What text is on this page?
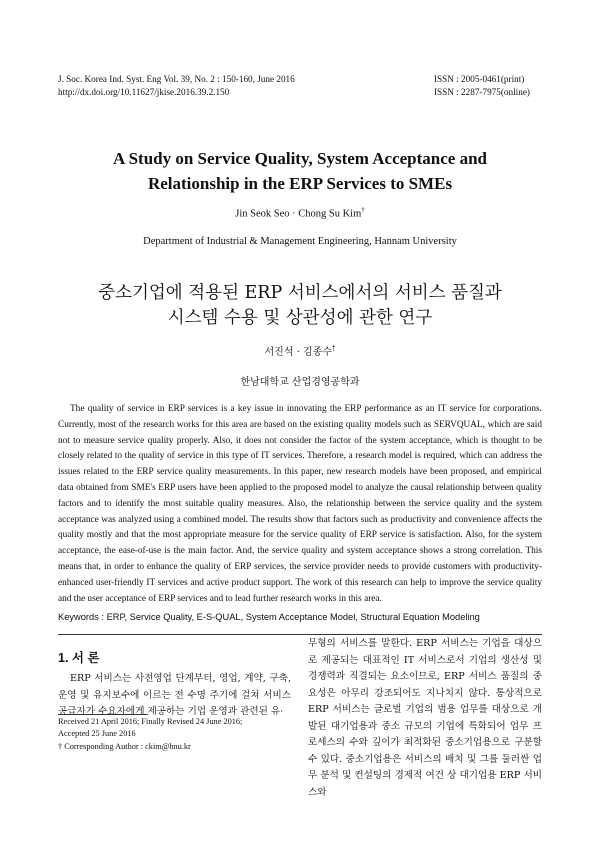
J. Soc. Korea Ind. Syst. Eng Vol. 39, No. 2 : 150-160, June 2016
http://dx.doi.org/10.11627/jkise.2016.39.2.150
ISSN : 2005-0461(print)
ISSN : 2287-7975(online)
A Study on Service Quality, System Acceptance and
Relationship in the ERP Services to SMEs
Jin Seok Seo · Chong Su Kim†
Department of Industrial & Management Engineering, Hannam University
중소기업에 적용된 ERP 서비스에서의 서비스 품질과
시스템 수용 및 상관성에 관한 연구
서진석 · 김종수†
한남대학교 산업경영공학과
The quality of service in ERP services is a key issue in innovating the ERP performance as an IT service for corporations. Currently, most of the research works for this area are based on the existing quality models such as SERVQUAL, which are said not to measure service quality properly. Also, it does not consider the factor of the system acceptance, which is thought to be closely related to the quality of service in this type of IT services. Therefore, a research model is required, which can address the issues related to the ERP service quality measurements. In this paper, new research models have been proposed, and empirical data obtained from SME's ERP users have been applied to the proposed model to analyze the causal relationship between quality factors and to identify the most suitable quality measures. Also, the relationship between the service quality and the system acceptance was analyzed using a combined model. The results show that factors such as productivity and convenience affects the quality mostly and that the most appropriate measure for the service quality of ERP service is satisfaction. Also, for the system acceptance, the ease-of-use is the main factor. And, the service quality and system acceptance shows a strong correlation. This means that, in order to enhance the quality of ERP services, the service provider needs to provide customers with productivity-enhanced user-friendly IT services and active product support. The work of this research can help to improve the service quality and the user acceptance of ERP services and to lead further research works in this area.
Keywords : ERP, Service Quality, E-S-QUAL, System Acceptance Model, Structural Equation Modeling
1. 서 론
ERP 서비스는 사전영업 단계부터, 영업, 계약, 구축, 운영 및 유지보수에 이르는 전 수명 주기에 걸쳐 서비스 공급자가 수요자에게 제공하는 기업 운영과 관련된 유·
Received 21 April 2016; Finally Revised 24 June 2016;
Accepted 25 June 2016
† Corresponding Author : ckim@hnu.kr
무형의 서비스를 말한다. ERP 서비스는 기업을 대상으로 제공되는 대표적인 IT 서비스로서 기업의 생산성 및 경쟁력과 직결되는 요소이므로, ERP 서비스 품질의 중요성은 아무리 강조되어도 지나치지 않다. 통상적으로 ERP 서비스는 글로벌 기업의 범용 업무를 대상으로 개발된 대기업용과 중소 규모의 기업에 특화되어 업무 프로세스의 수와 깊이가 최적화된 중소기업용으로 구분할 수 있다. 중소기업용은 서비스의 배치 및 그를 둘러싼 업무 분석 및 컨설팅의 경제적 여건 상 대기업용 ERP 서비스와
